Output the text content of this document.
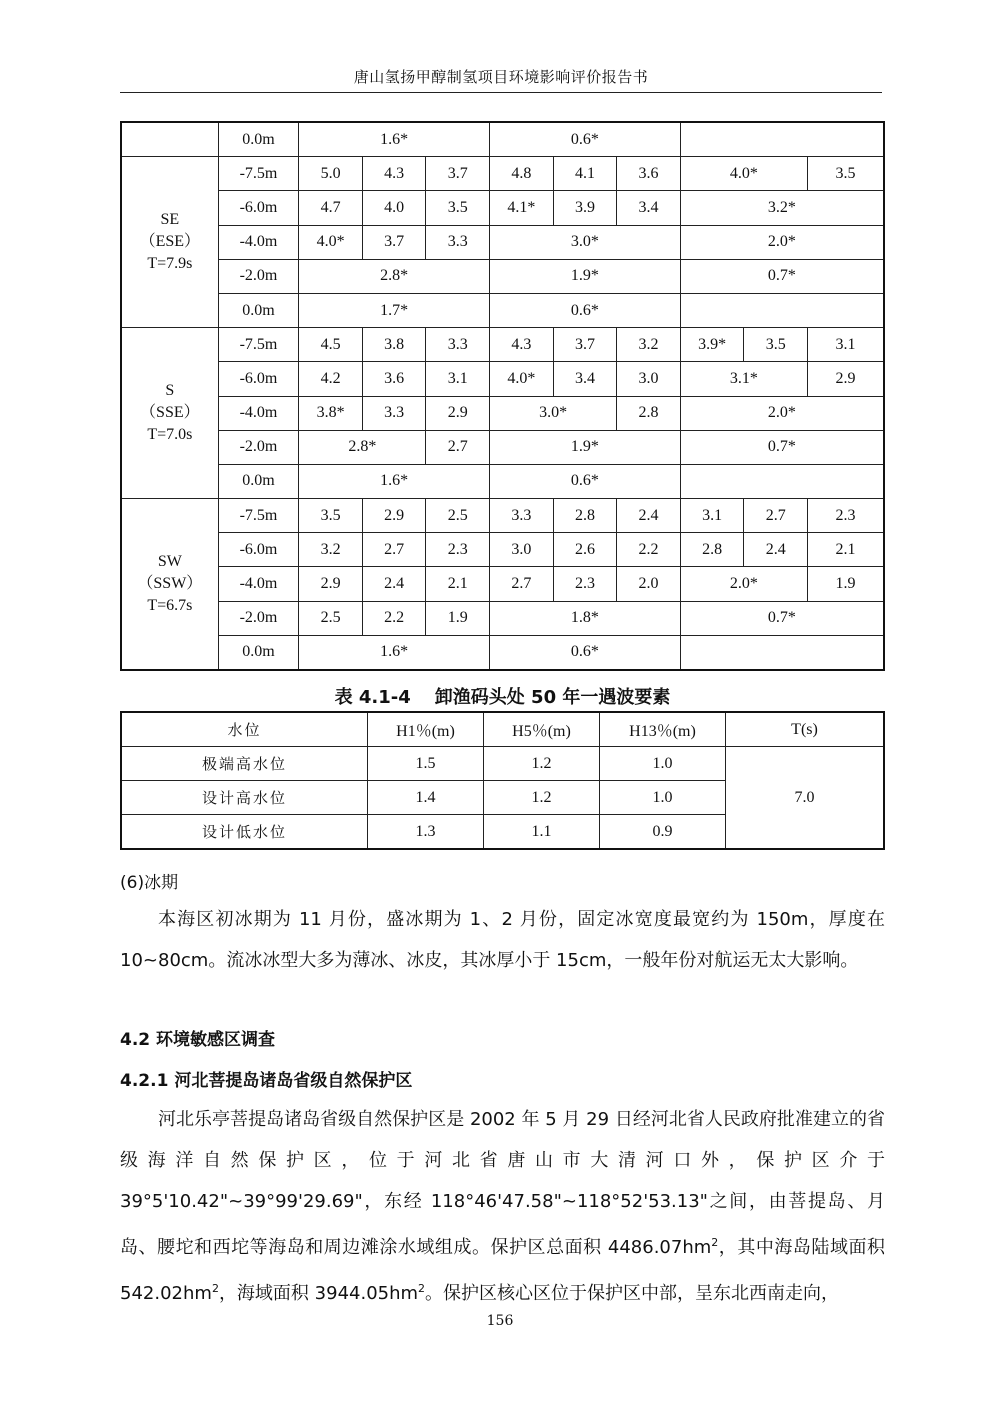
唐山氢扬甲醇制氢项目环境影响评价报告书
	0.0m	1.6*			0.6*					

SE
（ESE）
T=7.9s	-7.5m	5.0	4.3	3.7	4.8	4.1	3.6	4.0*		3.5
	-6.0m	4.7	4.0	3.5	4.1*	3.9	3.4	3.2*		
	-4.0m	4.0*	3.7	3.3	3.0*			2.0*		
	-2.0m	2.8*			1.9*			0.7*		
	0.0m	1.7*			0.6*					

S
（SSE）
T=7.0s	-7.5m	4.5	3.8	3.3	4.3	3.7	3.2	3.9*	3.5	3.1
	-6.0m	4.2	3.6	3.1	4.0*	3.4	3.0	3.1*		2.9
	-4.0m	3.8*	3.3	2.9	3.0*		2.8	2.0*		
	-2.0m	2.8*		2.7	1.9*			0.7*		
	0.0m	1.6*			0.6*					

SW
（SSW）
T=6.7s	-7.5m	3.5	2.9	2.5	3.3	2.8	2.4	3.1	2.7	2.3
	-6.0m	3.2	2.7	2.3	3.0	2.6	2.2	2.8	2.4	2.1
	-4.0m	2.9	2.4	2.1	2.7	2.3	2.0	2.0*		1.9
	-2.0m	2.5	2.2	1.9	1.8*			0.7*		
	0.0m	1.6*			0.6*					
表 4.1-4 卸渔码头处 50 年一遇波要素
水位	H1％(m)	H5％(m)	H13％(m)	T(s)
极端高水位	1.5	1.2	1.0	7.0
设计高水位	1.4	1.2	1.0	
设计低水位	1.3	1.1	0.9	
(6)冰期
本海区初冰期为 11 月份，盛冰期为 1、2 月份，固定冰宽度最宽约为 150m，厚度在 10~80cm。流冰冰型大多为薄冰、冰皮，其冰厚小于 15cm，一般年份对航运无太大影响。
4.2 环境敏感区调查
4.2.1 河北菩提岛诸岛省级自然保护区
河北乐亭菩提岛诸岛省级自然保护区是 2002 年 5 月 29 日经河北省人民政府批准建立的省级海洋自然保护区，位于河北省唐山市大清河口外，保护区介于 39°5'10.42"~39°99'29.69"，东经 118°46'47.58"~118°52'53.13"之间，由菩提岛、月岛、腰坨和西坨等海岛和周边滩涂水域组成。保护区总面积 $4486.07hm^2$，其中海岛陆域面积 $542.02hm^2$，海域面积 $3944.05hm^2$。保护区核心区位于保护区中部，呈东北西南走向，
156
